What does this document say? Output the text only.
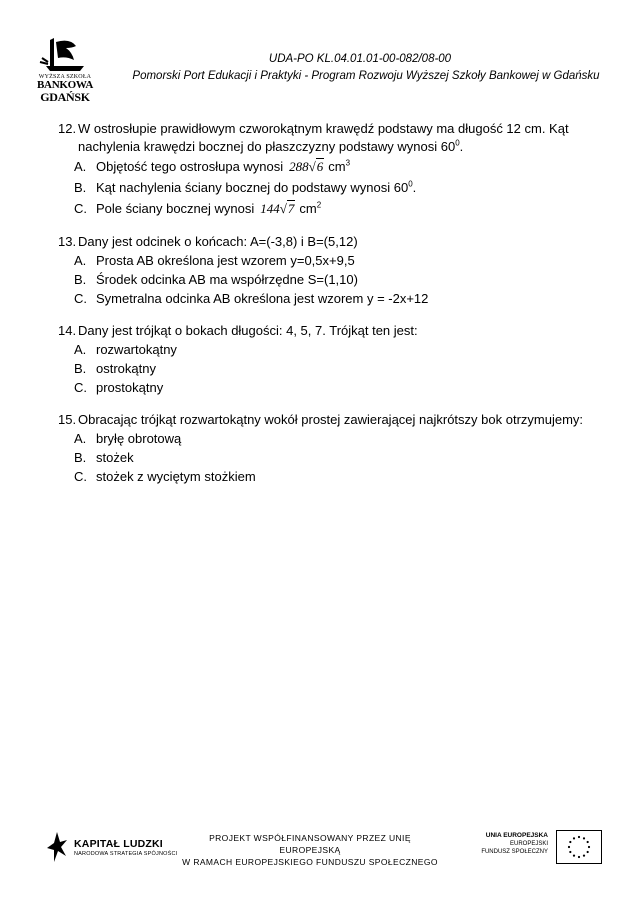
WYŻSZA SZKOŁA
BANKOWA
GDAŃSK
UDA-PO KL.04.01.01-00-082/08-00
Pomorski Port Edukacji i Praktyki - Program Rozwoju Wyższej Szkoły Bankowej w Gdańsku
12. W ostrosłupie prawidłowym czworokątnym krawędź podstawy ma długość 12 cm. Kąt
nachylenia krawędzi bocznej do płaszczyzny podstawy wynosi $60^0$.
A. Objętość tego ostrosłupa wynosi 288√6 $cm^3$
B. Kąt nachylenia ściany bocznej do podstawy wynosi $60^0$.
C. Pole ściany bocznej wynosi 144√7 $cm^2$
13. Dany jest odcinek o końcach: A=(-3,8) i B=(5,12)
A. Prosta AB określona jest wzorem y=0,5x+9,5
B. Środek odcinka AB ma współrzędne S=(1,10)
C. Symetralna odcinka AB określona jest wzorem y = -2x+12
14. Dany jest trójkąt o bokach długości: 4, 5, 7. Trójkąt ten jest:
A. rozwartokątny
B. ostrokątny
C. prostokątny
15. Obracając trójkąt rozwartokątny wokół prostej zawierającej najkrótszy bok otrzymujemy:
A. bryłę obrotową
B. stożek
C. stożek z wyciętym stożkiem
KAPITAŁ LUDZKI
NARODOWA STRATEGIA SPÓJNOŚCI
PROJEKT WSPÓŁFINANSOWANY PRZEZ UNIĘ EUROPEJSKĄ
W RAMACH EUROPEJSKIEGO FUNDUSZU SPOŁECZNEGO
UNIA EUROPEJSKA
EUROPEJSKI
FUNDUSZ SPOŁECZNY
